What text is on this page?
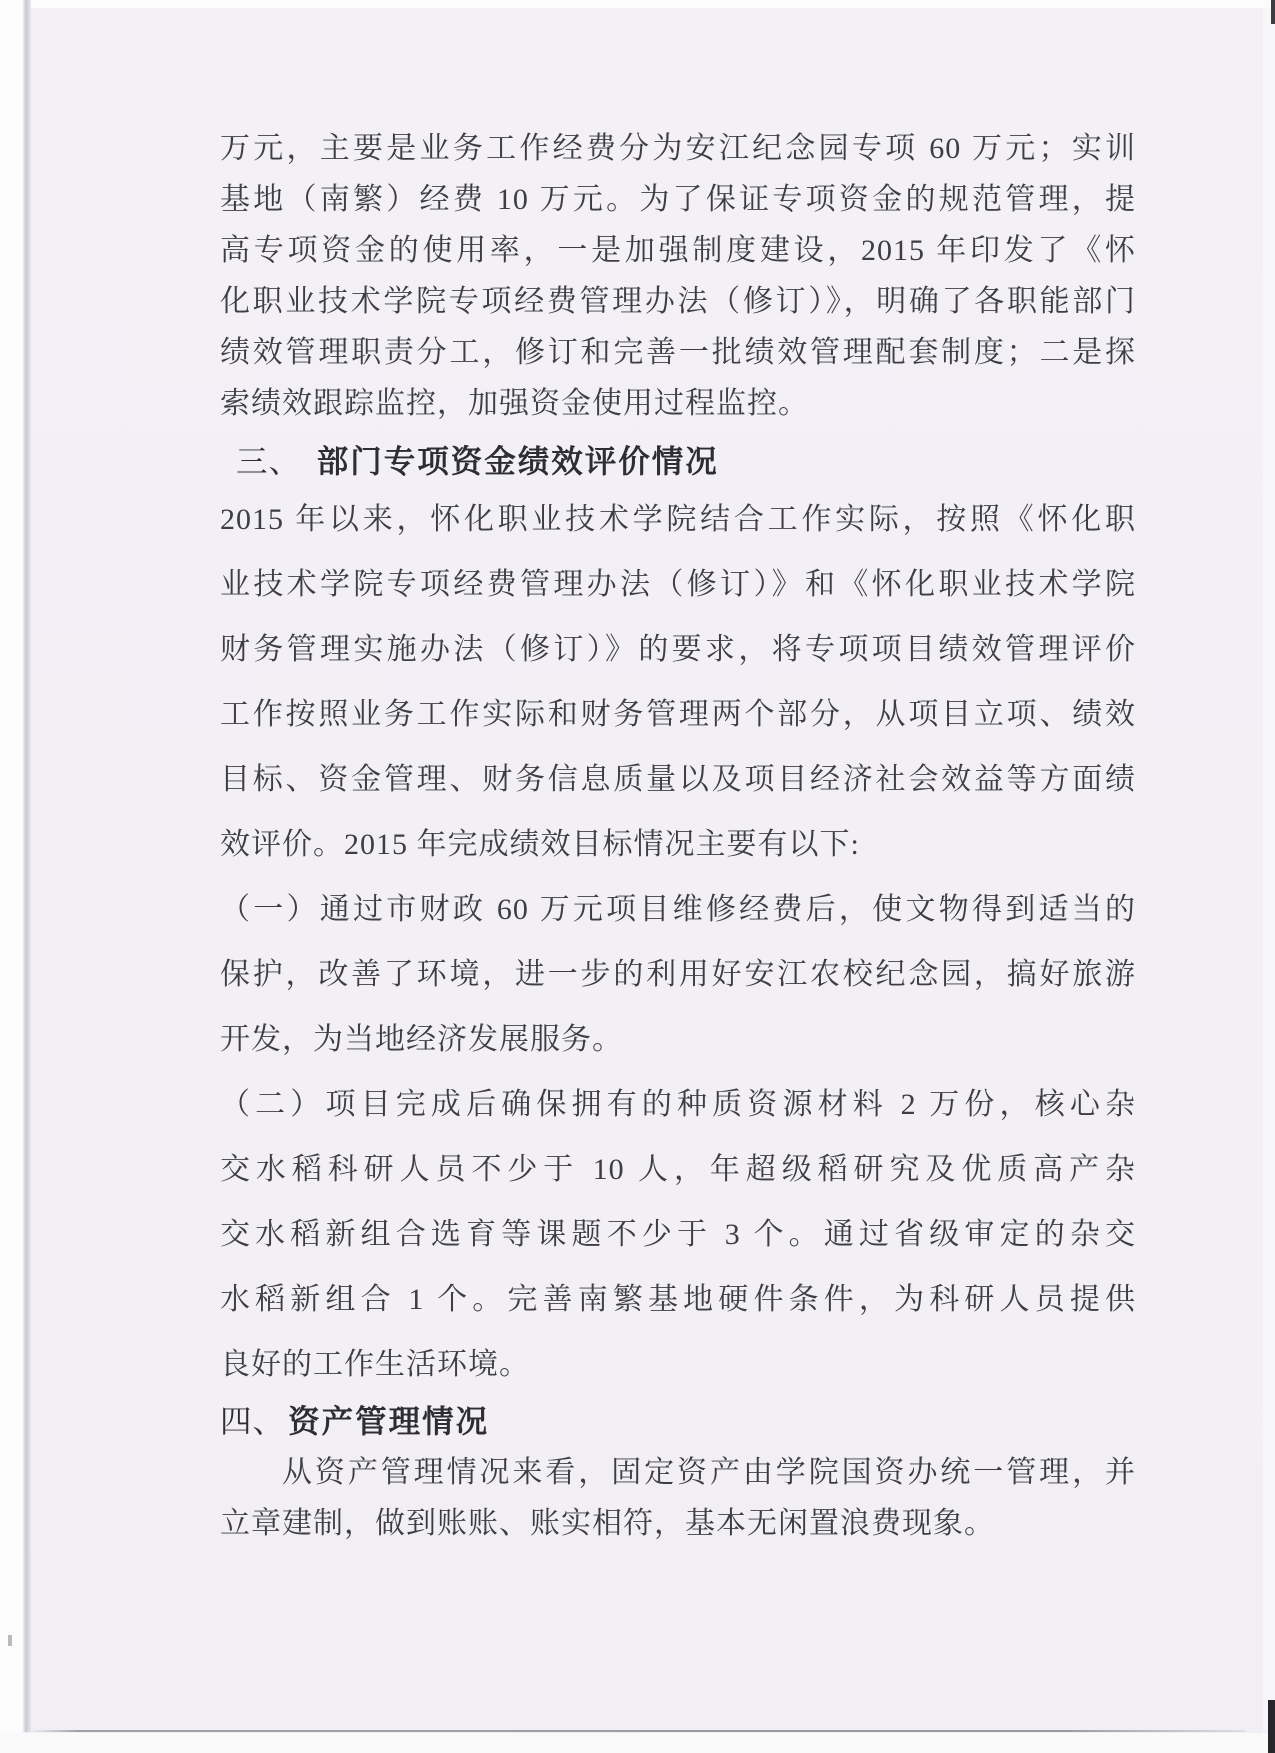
万元，主要是业务工作经费分为安江纪念园专项 60 万元；实训
基地（南繁）经费 10 万元。为了保证专项资金的规范管理，提
高专项资金的使用率，一是加强制度建设，2015 年印发了《怀
化职业技术学院专项经费管理办法（修订）》，明确了各职能部门
绩效管理职责分工，修订和完善一批绩效管理配套制度；二是探
索绩效跟踪监控，加强资金使用过程监控。
三、 部门专项资金绩效评价情况
2015 年以来，怀化职业技术学院结合工作实际，按照《怀化职
业技术学院专项经费管理办法（修订）》和《怀化职业技术学院
财务管理实施办法（修订）》的要求，将专项项目绩效管理评价
工作按照业务工作实际和财务管理两个部分，从项目立项、绩效
目标、资金管理、财务信息质量以及项目经济社会效益等方面绩
效评价。2015 年完成绩效目标情况主要有以下:
（一）通过市财政 60 万元项目维修经费后，使文物得到适当的
保护，改善了环境，进一步的利用好安江农校纪念园，搞好旅游
开发，为当地经济发展服务。
（二）项目完成后确保拥有的种质资源材料 2 万份，核心杂
交水稻科研人员不少于 10 人，年超级稻研究及优质高产杂
交水稻新组合选育等课题不少于 3 个。通过省级审定的杂交
水稻新组合 1 个。完善南繁基地硬件条件，为科研人员提供
良好的工作生活环境。
四、资产管理情况
从资产管理情况来看，固定资产由学院国资办统一管理，并
立章建制，做到账账、账实相符，基本无闲置浪费现象。
